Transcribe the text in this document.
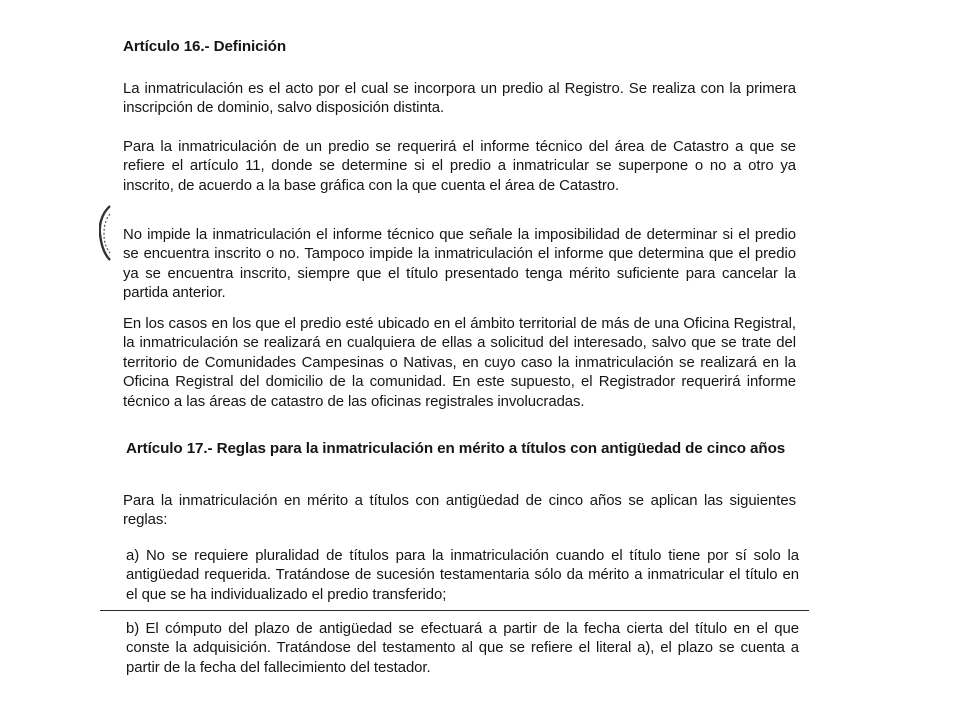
Artículo 16.- Definición
La inmatriculación es el acto por el cual se incorpora un predio al Registro. Se realiza con la primera inscripción de dominio, salvo disposición distinta.
Para la inmatriculación de un predio se requerirá el informe técnico del área de Catastro a que se refiere el artículo 11, donde se determine si el predio a inmatricular se superpone o no a otro ya inscrito, de acuerdo a la base gráfica con la que cuenta el área de Catastro.
No impide la inmatriculación el informe técnico que señale la imposibilidad de determinar si el predio se encuentra inscrito o no. Tampoco impide la inmatriculación el informe que determina que el predio ya se encuentra inscrito, siempre que el título presentado tenga mérito suficiente para cancelar la partida anterior.
En los casos en los que el predio esté ubicado en el ámbito territorial de más de una Oficina Registral, la inmatriculación se realizará en cualquiera de ellas a solicitud del interesado, salvo que se trate del territorio de Comunidades Campesinas o Nativas, en cuyo caso la inmatriculación se realizará en la Oficina Registral del domicilio de la comunidad. En este supuesto, el Registrador requerirá informe técnico a las áreas de catastro de las oficinas registrales involucradas.
Artículo 17.- Reglas para la inmatriculación en mérito a títulos con antigüedad de cinco años
Para la inmatriculación en mérito a títulos con antigüedad de cinco años se aplican las siguientes reglas:
a) No se requiere pluralidad de títulos para la inmatriculación cuando el título tiene por sí solo la antigüedad requerida. Tratándose de sucesión testamentaria sólo da mérito a inmatricular el título en el que se ha individualizado el predio transferido;
b) El cómputo del plazo de antigüedad se efectuará a partir de la fecha cierta del título en el que conste la adquisición. Tratándose del testamento al que se refiere el literal a), el plazo se cuenta a partir de la fecha del fallecimiento del testador.
